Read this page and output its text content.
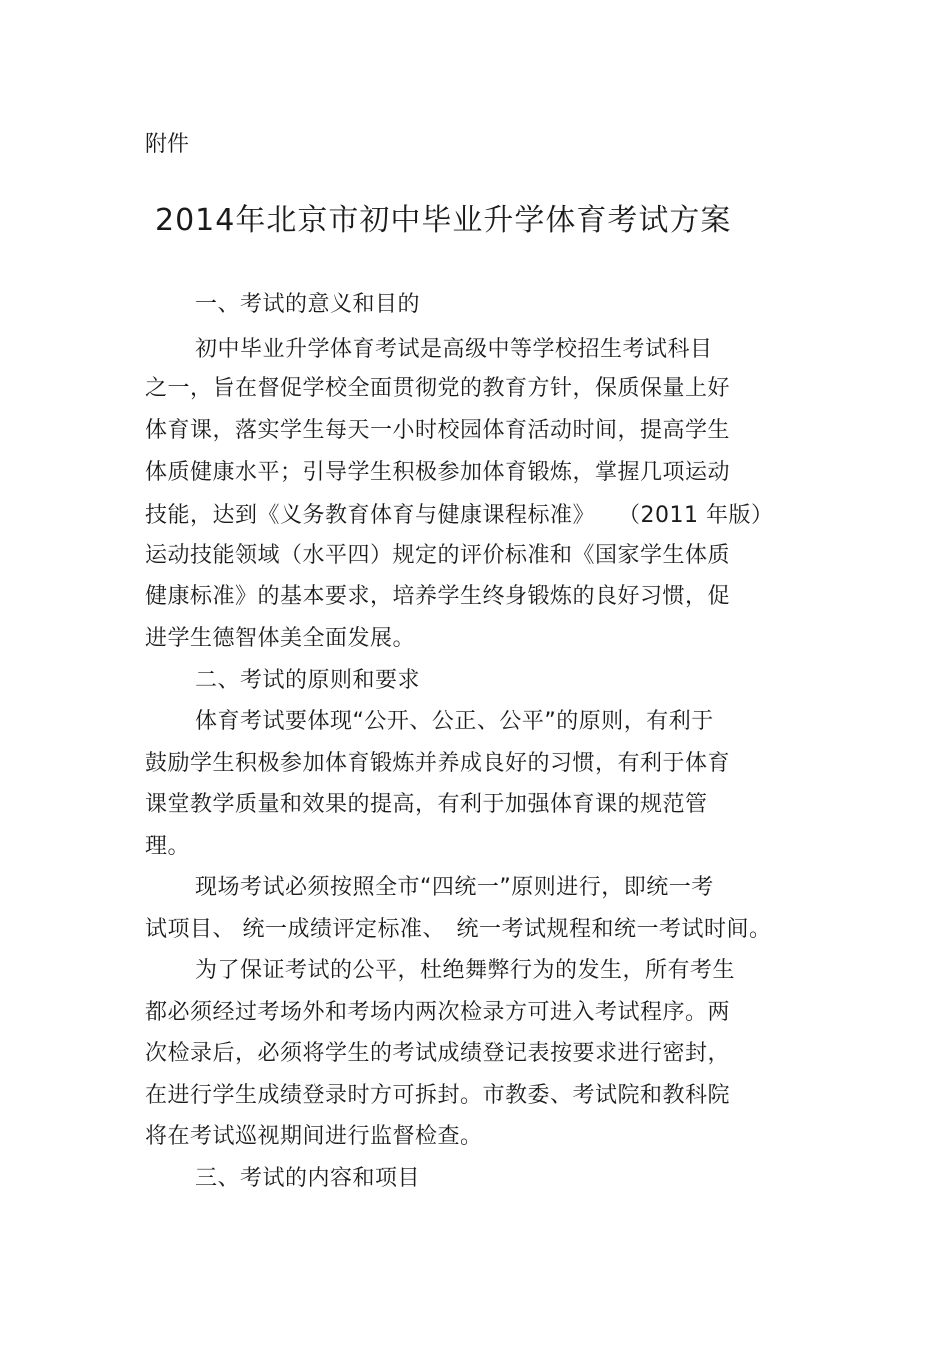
附件
2014年北京市初中毕业升学体育考试方案
一、考试的意义和目的
初中毕业升学体育考试是高级中等学校招生考试科目
之一，旨在督促学校全面贯彻党的教育方针，保质保量上好
体育课，落实学生每天一小时校园体育活动时间，提高学生
体质健康水平；引导学生积极参加体育锻炼，掌握几项运动
技能，达到《义务教育体育与健康课程标准》　　（2011 年版）
运动技能领域（水平四）规定的评价标准和《国家学生体质
健康标准》的基本要求，培养学生终身锻炼的良好习惯，促
进学生德智体美全面发展。
二、考试的原则和要求
体育考试要体现“公开、公正、公平”的原则，有利于
鼓励学生积极参加体育锻炼并养成良好的习惯，有利于体育
课堂教学质量和效果的提高，有利于加强体育课的规范管
理。
现场考试必须按照全市“四统一”原则进行，即统一考
试项目、 统一成绩评定标准、　统一考试规程和统一考试时间。
为了保证考试的公平，杜绝舞弊行为的发生，所有考生
都必须经过考场外和考场内两次检录方可进入考试程序。两
次检录后，必须将学生的考试成绩登记表按要求进行密封，
在进行学生成绩登录时方可拆封。市教委、考试院和教科院
将在考试巡视期间进行监督检查。
三、考试的内容和项目
